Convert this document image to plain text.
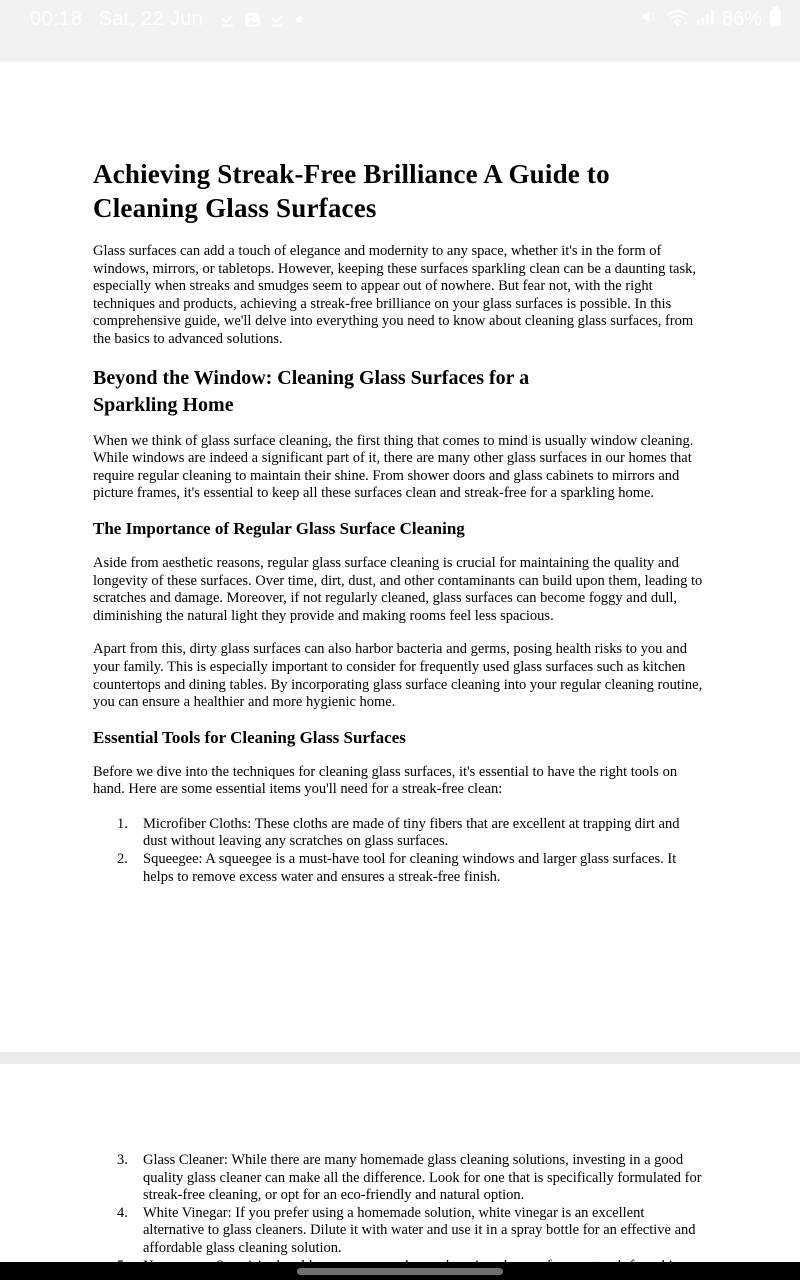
00:18 Sat, 22 Jun	86%
Achieving Streak-Free Brilliance A Guide to Cleaning Glass Surfaces

Glass surfaces can add a touch of elegance and modernity to any space, whether it's in the form of windows, mirrors, or tabletops. However, keeping these surfaces sparkling clean can be a daunting task, especially when streaks and smudges seem to appear out of nowhere. But fear not, with the right techniques and products, achieving a streak-free brilliance on your glass surfaces is possible. In this comprehensive guide, we'll delve into everything you need to know about cleaning glass surfaces, from the basics to advanced solutions.

Beyond the Window: Cleaning Glass Surfaces for a Sparkling Home

When we think of glass surface cleaning, the first thing that comes to mind is usually window cleaning. While windows are indeed a significant part of it, there are many other glass surfaces in our homes that require regular cleaning to maintain their shine. From shower doors and glass cabinets to mirrors and picture frames, it's essential to keep all these surfaces clean and streak-free for a sparkling home.

The Importance of Regular Glass Surface Cleaning

Aside from aesthetic reasons, regular glass surface cleaning is crucial for maintaining the quality and longevity of these surfaces. Over time, dirt, dust, and other contaminants can build upon them, leading to scratches and damage. Moreover, if not regularly cleaned, glass surfaces can become foggy and dull, diminishing the natural light they provide and making rooms feel less spacious.

Apart from this, dirty glass surfaces can also harbor bacteria and germs, posing health risks to you and your family. This is especially important to consider for frequently used glass surfaces such as kitchen countertops and dining tables. By incorporating glass surface cleaning into your regular cleaning routine, you can ensure a healthier and more hygienic home.

Essential Tools for Cleaning Glass Surfaces

Before we dive into the techniques for cleaning glass surfaces, it's essential to have the right tools on hand. Here are some essential items you'll need for a streak-free clean:

1.	Microfiber Cloths: These cloths are made of tiny fibers that are excellent at trapping dirt and dust without leaving any scratches on glass surfaces.
2.	Squeegee: A squeegee is a must-have tool for cleaning windows and larger glass surfaces. It helps to remove excess water and ensures a streak-free finish.
3.	Glass Cleaner: While there are many homemade glass cleaning solutions, investing in a good quality glass cleaner can make all the difference. Look for one that is specifically formulated for streak-free cleaning, or opt for an eco-friendly and natural option.
4.	White Vinegar: If you prefer using a homemade solution, white vinegar is an excellent alternative to glass cleaners. Dilute it with water and use it in a spray bottle for an effective and affordable glass cleaning solution.
